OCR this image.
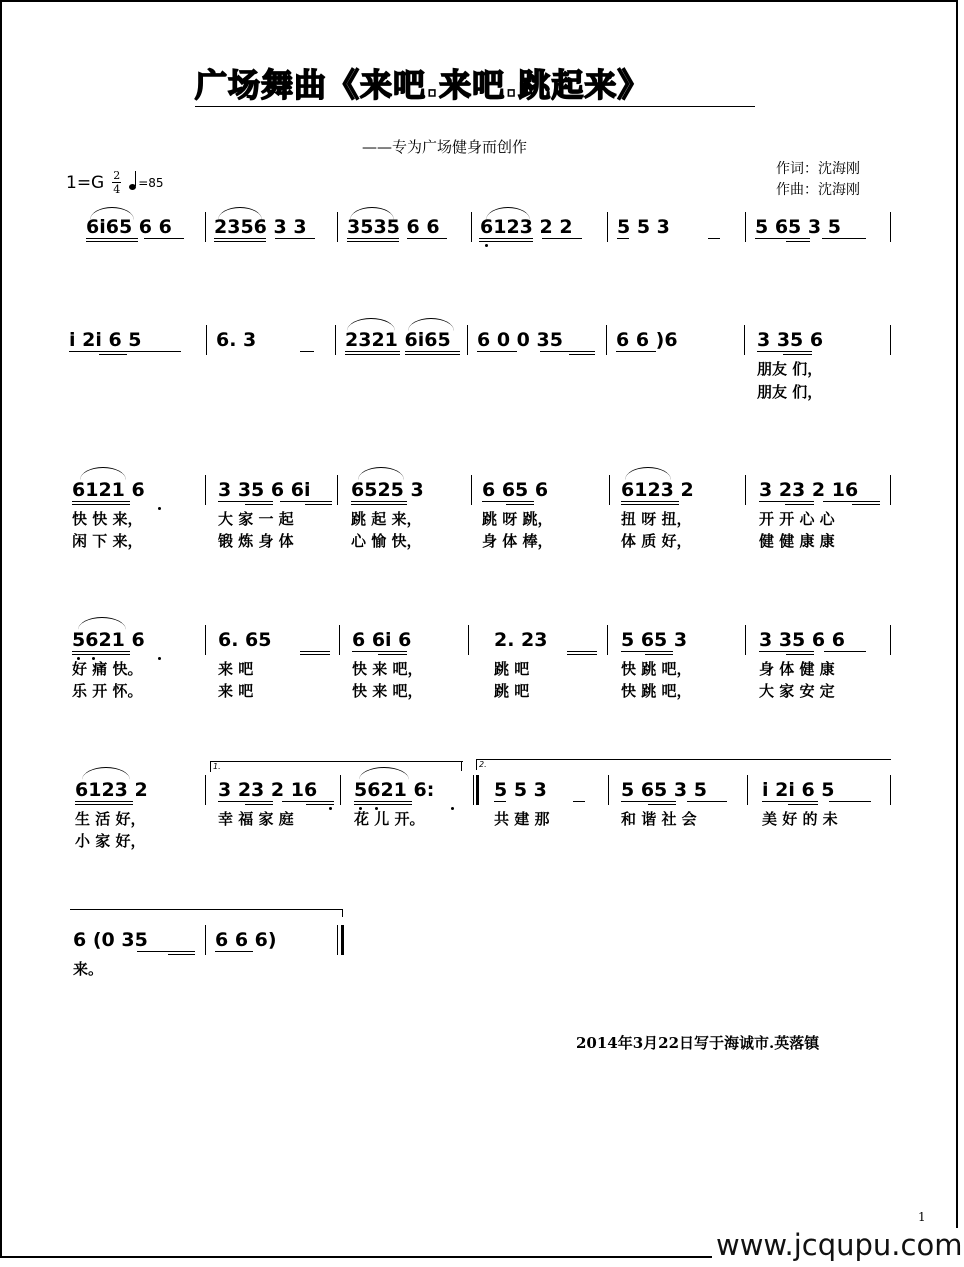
广场舞曲《来吧.来吧.跳起来》
——专为广场健身而创作
作词：沈海刚
作曲：沈海刚
1=G 2
4 =85
6i65 6 6 2356 3 3 3535 6 6 6123 2 2 5 5 3	5 65 3 5
i 2i 6 5	6. 3	2321 6i65 6 0 0 35	6 6 )6	3 35 6
朋友 们，
朋友 们，
6121 6	3 35 6 6i 6525 3	6 65 6	6123 2	3 23 2 16
快 快 来，	大 家 一 起	跳 起 来，	跳 呀 跳，	扭 呀 扭，	开 开 心 心
闲 下 来，	锻 炼 身 体	心 愉 快，	身 体 棒，	体 质 好，	健 健 康 康
5621 6	6. 65	6 6i 6	2. 23	5 65 3	3 35 6 6
好 痛 快。	来 吧	快 来 吧，	跳 吧	快 跳 吧，	身 体 健 康
乐 开 怀。	来 吧	快 来 吧，	跳 吧	快 跳 吧，	大 家 安 定
1.	2.
6123 2	3 23 2 16 5621 6:	5 5 3	5 65 3 5	i 2i 6 5
生 活 好，	幸 福 家 庭	花 儿 开。	共 建 那	和 谐 社 会	美 好 的 未
小 家 好，
6 (0 35	6 6 6)
来。
2014年3月22日写于海诚市.英落镇
1
www.jcqupu.com
